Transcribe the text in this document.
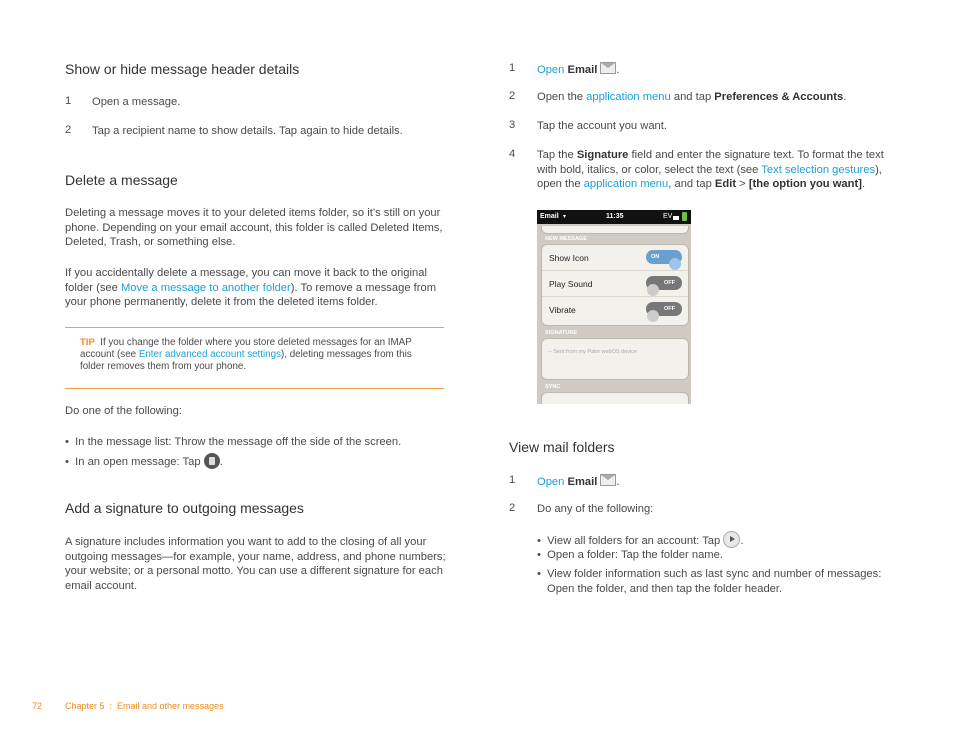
Show or hide message header details
1 Open a message.
2 Tap a recipient name to show details. Tap again to hide details.
Delete a message
Deleting a message moves it to your deleted items folder, so it’s still on your phone. Depending on your email account, this folder is called Deleted Items, Deleted, Trash, or something else.
If you accidentally delete a message, you can move it back to the original folder (see Move a message to another folder). To remove a message from your phone permanently, delete it from the deleted items folder.
TIP If you change the folder where you store deleted messages for an IMAP account (see Enter advanced account settings), deleting messages from this folder removes them from your phone.
Do one of the following:
•  In the message list: Throw the message off the side of the screen.
•  In an open message: Tap .
Add a signature to outgoing messages
A signature includes information you want to add to the closing of all your outgoing messages—for example, your name, address, and phone numbers; your website; or a personal motto. You can use a different signature for each email account.
1 Open Email .
2 Open the application menu and tap Preferences & Accounts.
3 Tap the account you want.
4 Tap the Signature field and enter the signature text. To format the text with bold, italics, or color, select the text (see Text selection gestures), open the application menu, and tap Edit > [the option you want].
Email ▾	11:35	EV
NEW MESSAGE
Show Icon	ON
Play Sound	OFF
Vibrate	OFF
SIGNATURE
-- Sent from my Palm webOS device
SYNC
View mail folders
1 Open Email .
2 Do any of the following:
•  View all folders for an account: Tap .
•  Open a folder: Tap the folder name.
• View folder information such as last sync and number of messages: Open the folder, and then tap the folder header.
72	Chapter 5  :  Email and other messages
